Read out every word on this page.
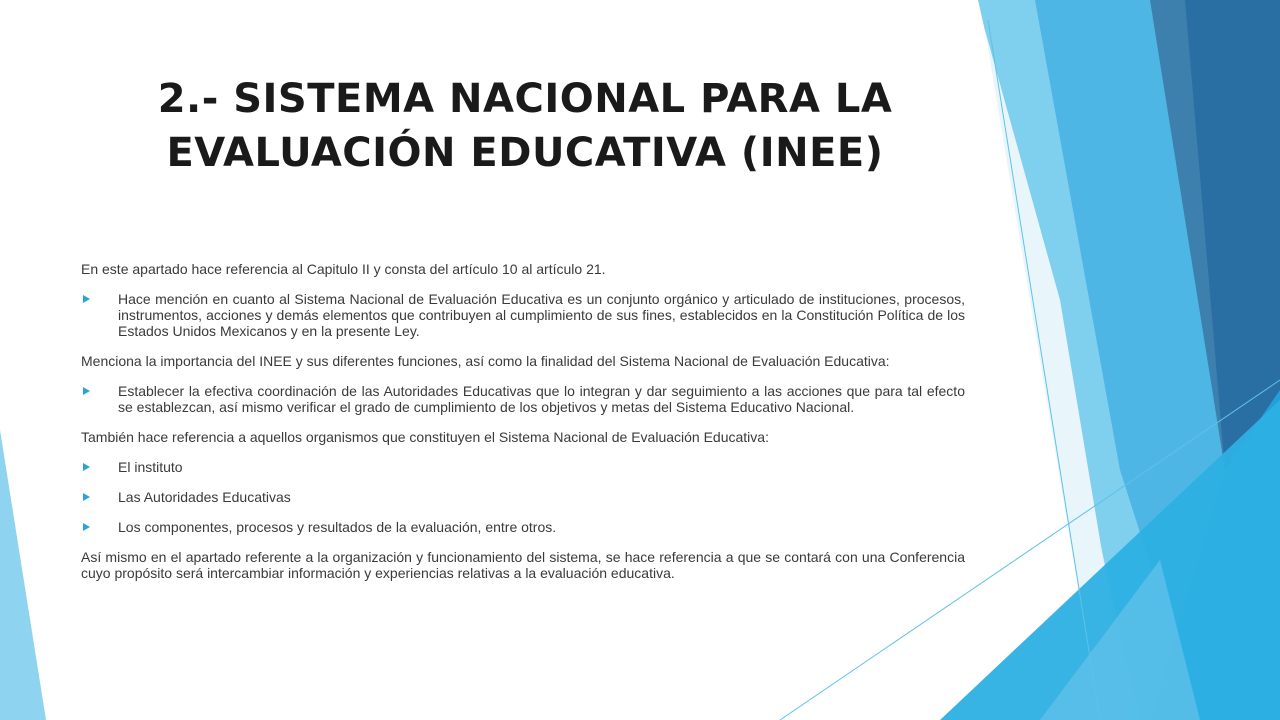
2.- SISTEMA NACIONAL PARA LA
EVALUACIÓN EDUCATIVA (INEE)

En este apartado hace referencia al Capitulo II y consta del artículo 10 al artículo 21.

Hace mención en cuanto al Sistema Nacional de Evaluación Educativa es un conjunto orgánico y articulado de instituciones, procesos, instrumentos, acciones y demás elementos que contribuyen al cumplimiento de sus fines, establecidos en la Constitución Política de los Estados Unidos Mexicanos y en la presente Ley.

Menciona la importancia del INEE y sus diferentes funciones, así como la finalidad del Sistema Nacional de Evaluación Educativa:

Establecer la efectiva coordinación de las Autoridades Educativas que lo integran y dar seguimiento a las acciones que para tal efecto se establezcan, así mismo verificar el grado de cumplimiento de los objetivos y metas del Sistema Educativo Nacional.

También hace referencia a aquellos organismos que constituyen el Sistema Nacional de Evaluación Educativa:

El instituto
Las Autoridades Educativas
Los componentes, procesos y resultados de la evaluación, entre otros.

Así mismo en el apartado referente a la organización y funcionamiento del sistema, se hace referencia a que se contará con una Conferencia cuyo propósito será intercambiar información y experiencias relativas a la evaluación educativa.
